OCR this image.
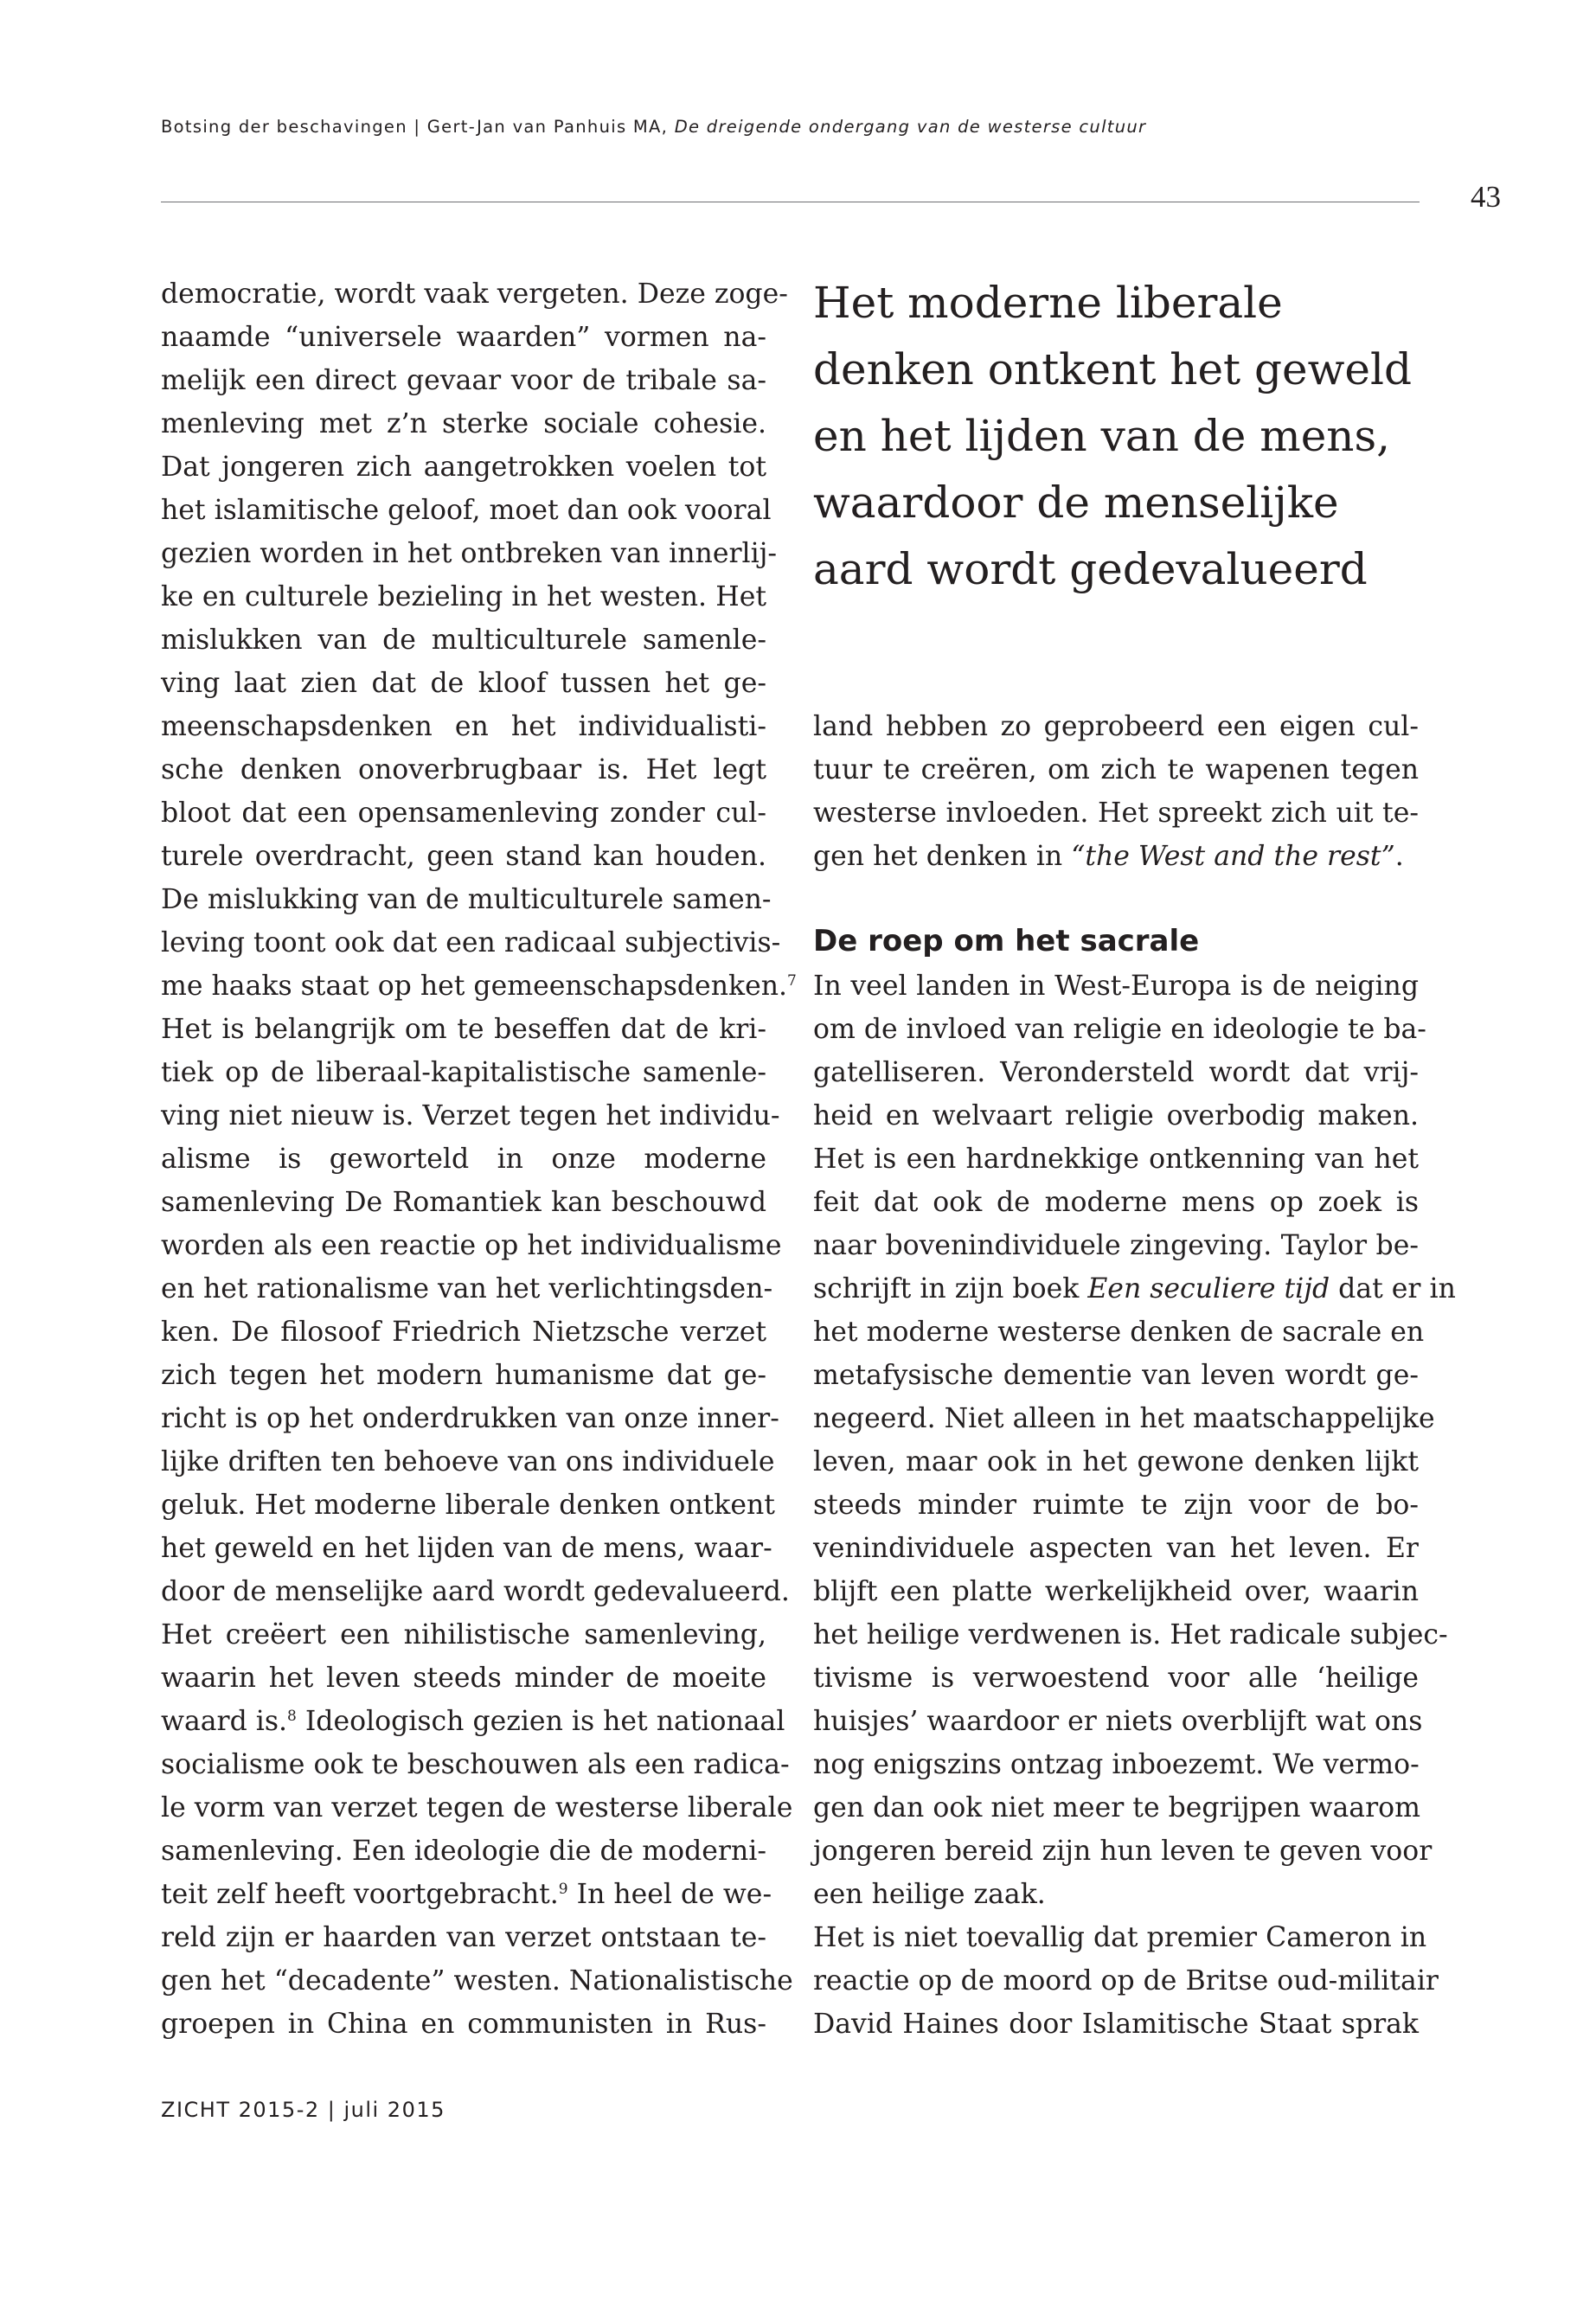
Botsing der beschavingen | Gert-Jan van Panhuis MA, De dreigende ondergang van de westerse cultuur
43
democratie, wordt vaak vergeten. Deze zoge-
naamde “universele waarden” vormen na-
melijk een direct gevaar voor de tribale sa-
menleving met z’n sterke sociale cohesie.
Dat jongeren zich aangetrokken voelen tot
het islamitische geloof, moet dan ook vooral
gezien worden in het ontbreken van innerlij-
ke en culturele bezieling in het westen. Het
mislukken van de multiculturele samenle-
ving laat zien dat de kloof tussen het ge-
meenschapsdenken en het individualisti-
sche denken onoverbrugbaar is. Het legt
bloot dat een opensamenleving zonder cul-
turele overdracht, geen stand kan houden.
De mislukking van de multiculturele samen-
leving toont ook dat een radicaal subjectivis-
me haaks staat op het gemeenschapsdenken.$^7$
Het is belangrijk om te beseffen dat de kri-
tiek op de liberaal-kapitalistische samenle-
ving niet nieuw is. Verzet tegen het individu-
alisme is geworteld in onze moderne
samenleving De Romantiek kan beschouwd
worden als een reactie op het individualisme
en het rationalisme van het verlichtingsden-
ken. De filosoof Friedrich Nietzsche verzet
zich tegen het modern humanisme dat ge-
richt is op het onderdrukken van onze inner-
lijke driften ten behoeve van ons individuele
geluk. Het moderne liberale denken ontkent
het geweld en het lijden van de mens, waar-
door de menselijke aard wordt gedevalueerd.
Het creëert een nihilistische samenleving,
waarin het leven steeds minder de moeite
waard is.$^8$ Ideologisch gezien is het nationaal
socialisme ook te beschouwen als een radica-
le vorm van verzet tegen de westerse liberale
samenleving. Een ideologie die de moderni-
teit zelf heeft voortgebracht.$^9$ In heel de we-
reld zijn er haarden van verzet ontstaan te-
gen het “decadente” westen. Nationalistische
groepen in China en communisten in Rus-
Het moderne liberale
denken ontkent het geweld
en het lijden van de mens,
waardoor de menselijke
aard wordt gedevalueerd
land hebben zo geprobeerd een eigen cul-
tuur te creëren, om zich te wapenen tegen
westerse invloeden. Het spreekt zich uit te-
gen het denken in “the West and the rest”.
De roep om het sacrale
In veel landen in West-Europa is de neiging
om de invloed van religie en ideologie te ba-
gatelliseren. Verondersteld wordt dat vrij-
heid en welvaart religie overbodig maken.
Het is een hardnekkige ontkenning van het
feit dat ook de moderne mens op zoek is
naar bovenindividuele zingeving. Taylor be-
schrijft in zijn boek Een seculiere tijd dat er in
het moderne westerse denken de sacrale en
metafysische dementie van leven wordt ge-
negeerd. Niet alleen in het maatschappelijke
leven, maar ook in het gewone denken lijkt
steeds minder ruimte te zijn voor de bo-
venindividuele aspecten van het leven. Er
blijft een platte werkelijkheid over, waarin
het heilige verdwenen is. Het radicale subjec-
tivisme is verwoestend voor alle ‘heilige
huisjes’ waardoor er niets overblijft wat ons
nog enigszins ontzag inboezemt. We vermo-
gen dan ook niet meer te begrijpen waarom
jongeren bereid zijn hun leven te geven voor
een heilige zaak.
Het is niet toevallig dat premier Cameron in
reactie op de moord op de Britse oud-militair
David Haines door Islamitische Staat sprak
ZICHT 2015-2 | juli 2015
